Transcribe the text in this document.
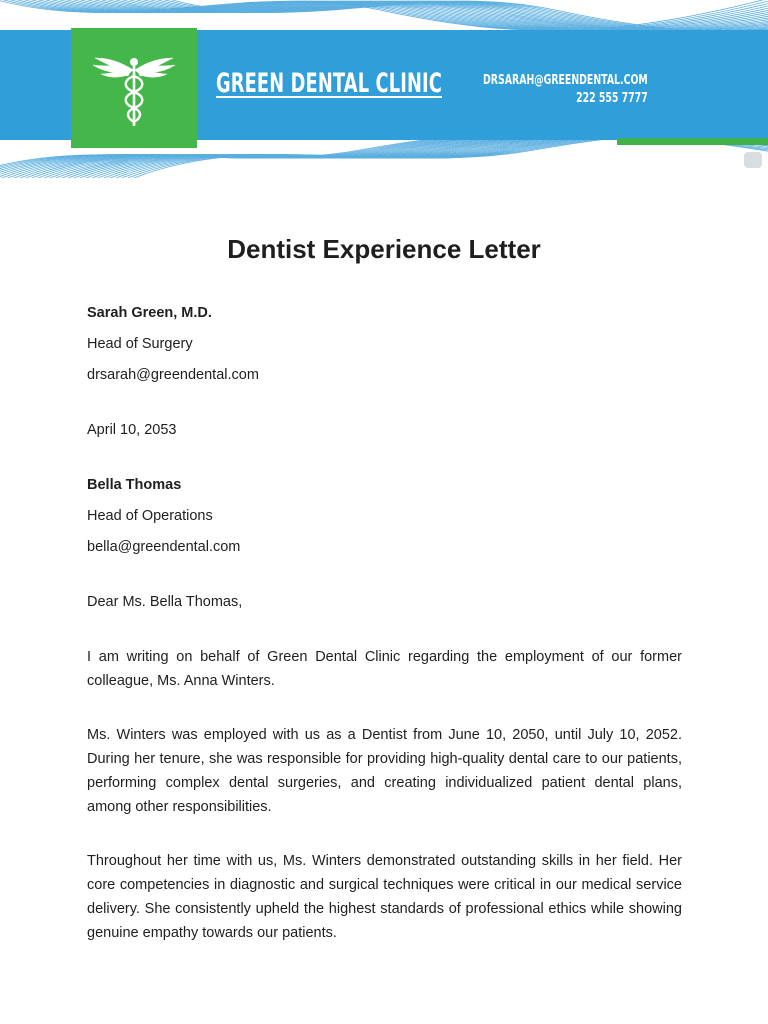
GREEN DENTAL CLINIC	DRSARAH@GREENDENTAL.COM
222 555 7777
Dentist Experience Letter
Sarah Green, M.D.
Head of Surgery
drsarah@greendental.com
April 10, 2053
Bella Thomas
Head of Operations
bella@greendental.com
Dear Ms. Bella Thomas,
I am writing on behalf of Green Dental Clinic regarding the employment of our former colleague, Ms. Anna Winters.
Ms. Winters was employed with us as a Dentist from June 10, 2050, until July 10, 2052. During her tenure, she was responsible for providing high-quality dental care to our patients, performing complex dental surgeries, and creating individualized patient dental plans, among other responsibilities.
Throughout her time with us, Ms. Winters demonstrated outstanding skills in her field. Her core competencies in diagnostic and surgical techniques were critical in our medical service delivery. She consistently upheld the highest standards of professional ethics while showing genuine empathy towards our patients.
